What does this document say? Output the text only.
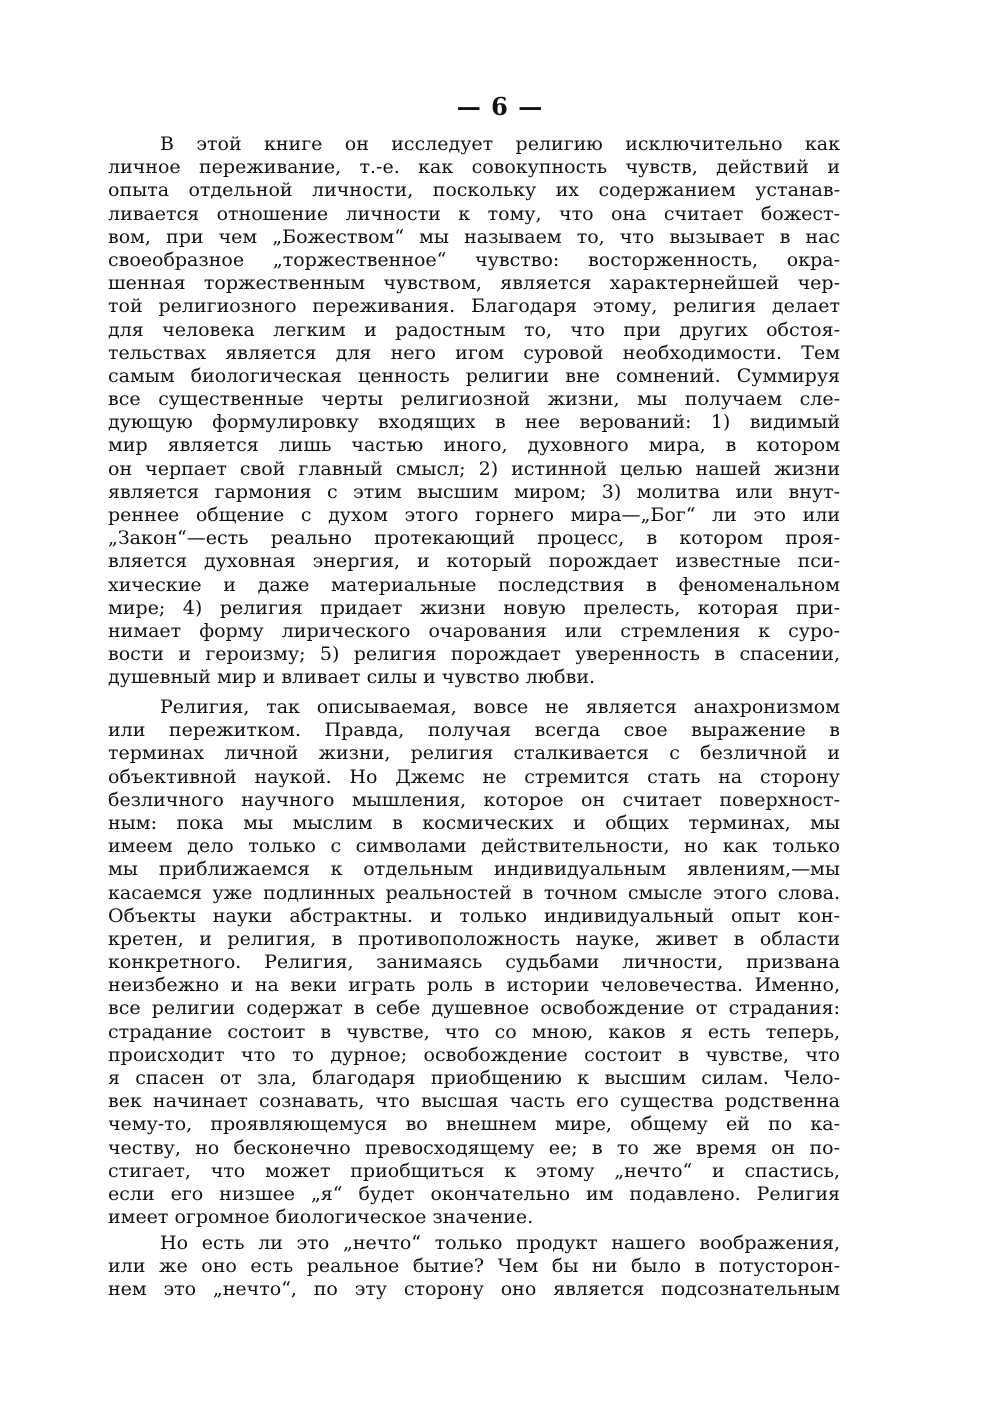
— 6 —
В этой книге он исследует религию исключительно как
личное переживание, т.-е. как совокупность чувств, действий и
опыта отдельной личности, поскольку их содержанием устанав-
ливается отношение личности к тому, что она считает божест-
вом, при чем „Божеством“ мы называем то, что вызывает в нас
своеобразное „торжественное“ чувство: восторженность, окра-
шенная торжественным чувством, является характернейшей чер-
той религиозного переживания. Благодаря этому, религия делает
для человека легким и радостным то, что при других обстоя-
тельствах является для него игом суровой необходимости. Тем
самым биологическая ценность религии вне сомнений. Суммируя
все существенные черты религиозной жизни, мы получаем сле-
дующую формулировку входящих в нее верований: 1) видимый
мир является лишь частью иного, духовного мира, в котором
он черпает свой главный смысл; 2) истинной целью нашей жизни
является гармония с этим высшим миром; 3) молитва или внут-
реннее общение с духом этого горнего мира—„Бог“ ли это или
„Закон“—есть реально протекающий процесс, в котором проя-
вляется духовная энергия, и который порождает известные пси-
хические и даже материальные последствия в феноменальном
мире; 4) религия придает жизни новую прелесть, которая при-
нимает форму лирического очарования или стремления к суро-
вости и героизму; 5) религия порождает уверенность в спасении,
душевный мир и вливает силы и чувство любви.
Религия, так описываемая, вовсе не является анахронизмом
или пережитком. Правда, получая всегда свое выражение в
терминах личной жизни, религия сталкивается с безличной и
объективной наукой. Но Джемс не стремится стать на сторону
безличного научного мышления, которое он считает поверхност-
ным: пока мы мыслим в космических и общих терминах, мы
имеем дело только с символами действительности, но как только
мы приближаемся к отдельным индивидуальным явлениям,—мы
касаемся уже подлинных реальностей в точном смысле этого слова.
Объекты науки абстрактны. и только индивидуальный опыт кон-
кретен, и религия, в противоположность науке, живет в области
конкретного. Религия, занимаясь судьбами личности, призвана
неизбежно и на веки играть роль в истории человечества. Именно,
все религии содержат в себе душевное освобождение от страдания:
страдание состоит в чувстве, что со мною, каков я есть теперь,
происходит что то дурное; освобождение состоит в чувстве, что
я спасен от зла, благодаря приобщению к высшим силам. Чело-
век начинает сознавать, что высшая часть его существа родственна
чему-то, проявляющемуся во внешнем мире, общему ей по ка-
честву, но бесконечно превосходящему ее; в то же время он по-
стигает, что может приобщиться к этому „нечто“ и спастись,
если его низшее „я“ будет окончательно им подавлено. Религия
имеет огромное биологическое значение.
Но есть ли это „нечто“ только продукт нашего воображения,
или же оно есть реальное бытие? Чем бы ни было в потусторон-
нем это „нечто“, по эту сторону оно является подсознательным
